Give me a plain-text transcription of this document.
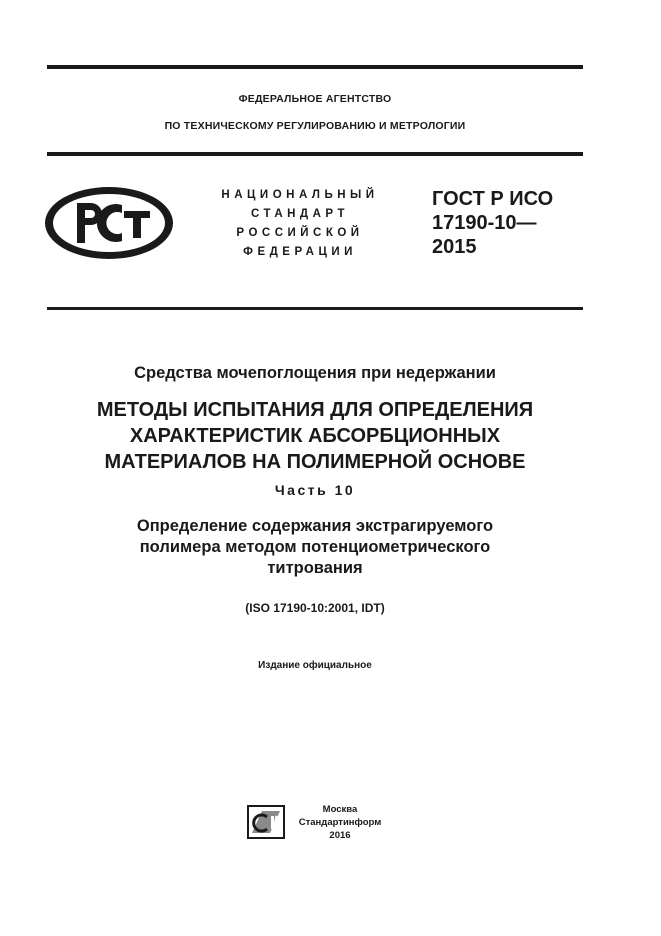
ФЕДЕРАЛЬНОЕ АГЕНТСТВО
ПО ТЕХНИЧЕСКОМУ РЕГУЛИРОВАНИЮ И МЕТРОЛОГИИ
НАЦИОНАЛЬНЫЙ
СТАНДАРТ
РОССИЙСКОЙ
ФЕДЕРАЦИИ
ГОСТ Р ИСО
17190-10—
2015
Средства мочепоглощения при недержании
МЕТОДЫ ИСПЫТАНИЯ ДЛЯ ОПРЕДЕЛЕНИЯ
ХАРАКТЕРИСТИК АБСОРБЦИОННЫХ
МАТЕРИАЛОВ НА ПОЛИМЕРНОЙ ОСНОВЕ
Часть 10
Определение содержания экстрагируемого
полимера методом потенциометрического
титрования
(ISO 17190-10:2001, IDT)
Издание официальное
Москва
Стандартинформ
2016
